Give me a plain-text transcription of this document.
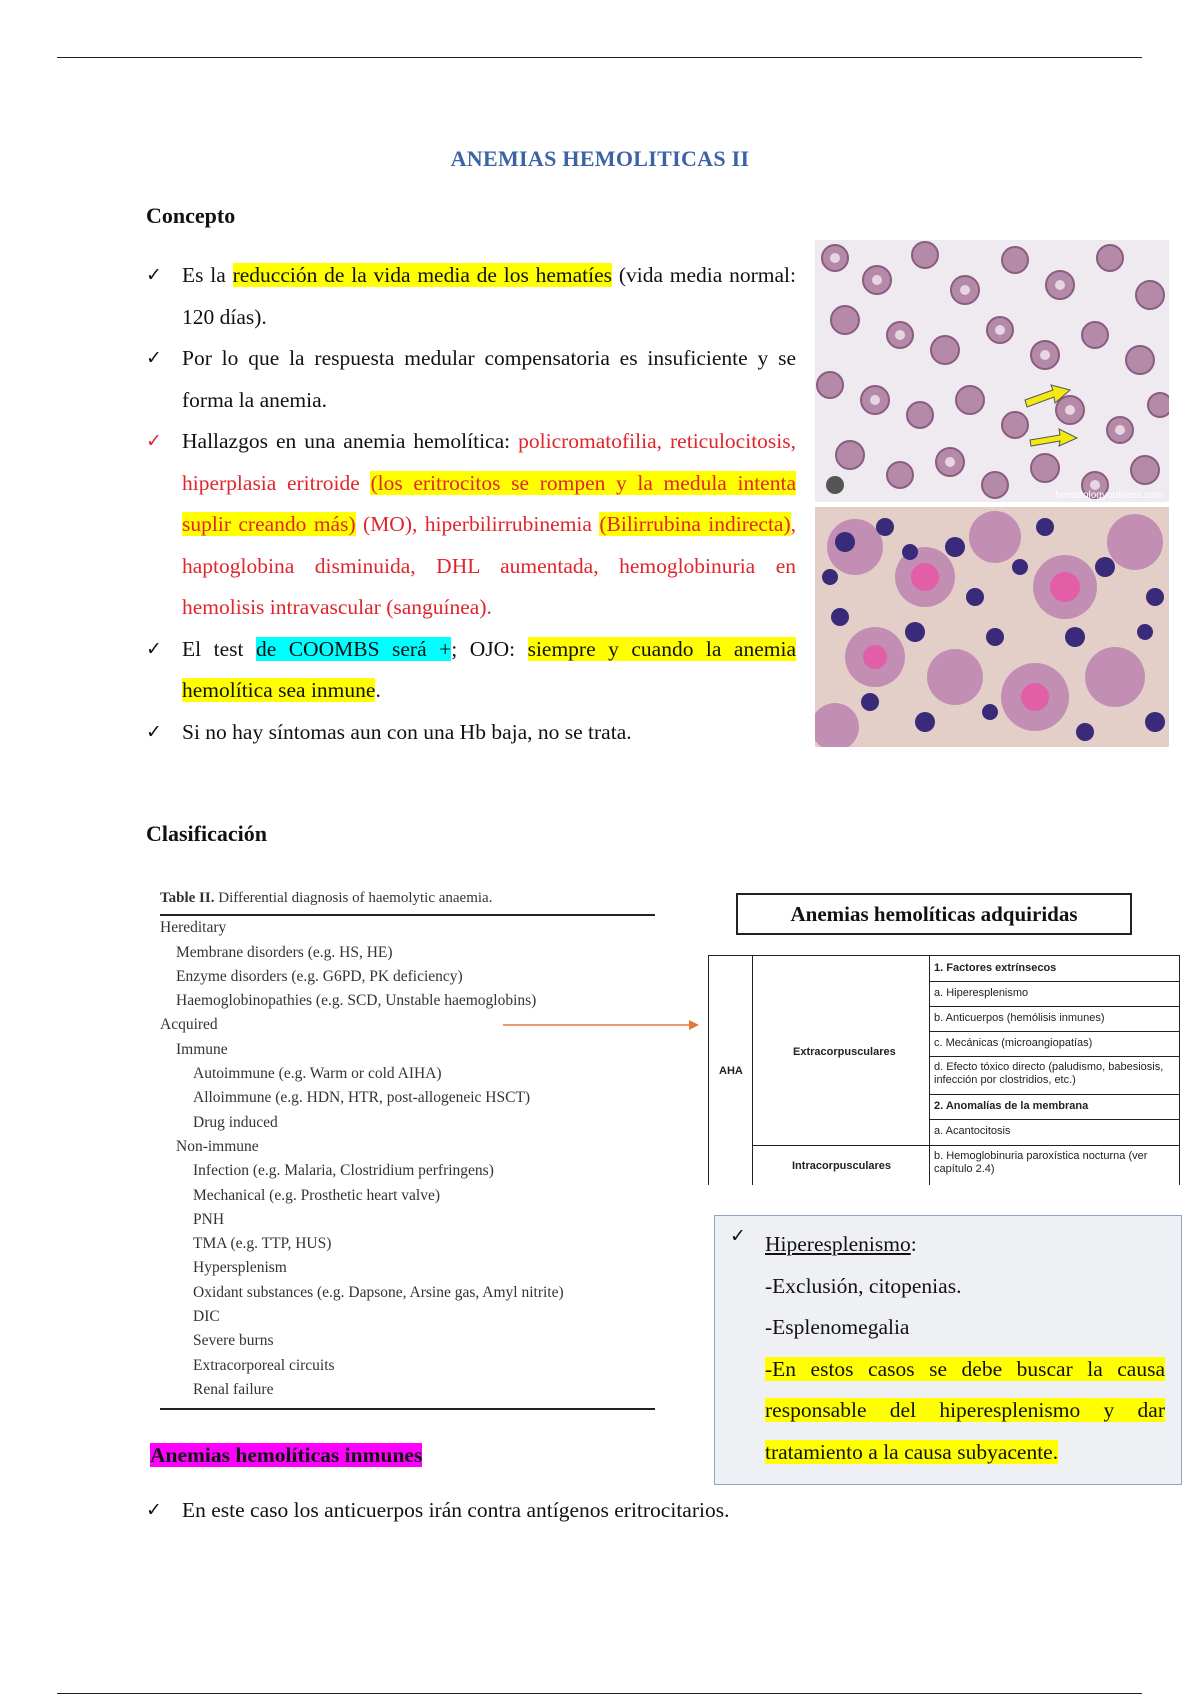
ANEMIAS HEMOLITICAS II
Concepto
✓ Es la reducción de la vida media de los hematíes (vida media normal: 120 días).
✓ Por lo que la respuesta medular compensatoria es insuficiente y se forma la anemia.
✓ Hallazgos en una anemia hemolítica: policromatofilia, reticulocitosis, hiperplasia eritroide (los eritrocitos se rompen y la medula intenta suplir creando más) (MO), hiperbilirrubinemia (Bilirrubina indirecta), haptoglobina disminuida, DHL aumentada, hemoglobinuria en hemolisis intravascular (sanguínea).
✓ El test de COOMBS será +; OJO: siempre y cuando la anemia hemolítica sea inmune.
✓ Si no hay síntomas aun con una Hb baja, no se trata.
hematologyoutlines.com
Clasificación
Table II. Differential diagnosis of haemolytic anaemia.
Hereditary
Membrane disorders (e.g. HS, HE)
Enzyme disorders (e.g. G6PD, PK deficiency)
Haemoglobinopathies (e.g. SCD, Unstable haemoglobins)
Acquired
Immune
Autoimmune (e.g. Warm or cold AIHA)
Alloimmune (e.g. HDN, HTR, post-allogeneic HSCT)
Drug induced
Non-immune
Infection (e.g. Malaria, Clostridium perfringens)
Mechanical (e.g. Prosthetic heart valve)
PNH
TMA (e.g. TTP, HUS)
Hypersplenism
Oxidant substances (e.g. Dapsone, Arsine gas, Amyl nitrite)
DIC
Severe burns
Extracorporeal circuits
Renal failure
Anemias hemolíticas adquiridas
AHA
Extracorpusculares
Intracorpusculares
1. Factores extrínsecos
a. Hiperesplenismo
b. Anticuerpos (hemólisis inmunes)
c. Mecánicas (microangiopatías)
d. Efecto tóxico directo (paludismo, babesiosis, infección por clostridios, etc.)
2. Anomalías de la membrana
a. Acantocitosis
b. Hemoglobinuria paroxística nocturna (ver capítulo 2.4)
✓ Hiperesplenismo:
-Exclusión, citopenias.
-Esplenomegalia
-En estos casos se debe buscar la causa responsable del hiperesplenismo y dar tratamiento a la causa subyacente.
Anemias hemolíticas inmunes
✓ En este caso los anticuerpos irán contra antígenos eritrocitarios.
